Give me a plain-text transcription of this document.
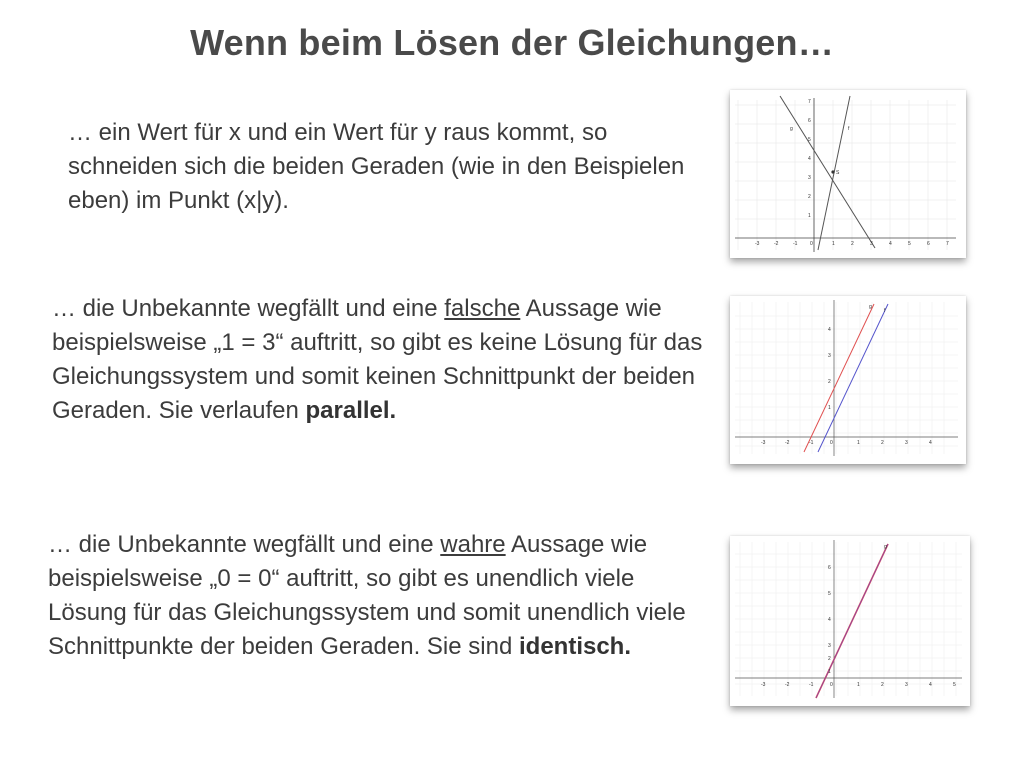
Wenn beim Lösen der Gleichungen…
… ein Wert für x und ein Wert für y raus kommt, so schneiden sich die beiden Geraden (wie in den Beispielen eben) im Punkt (x|y).
… die Unbekannte wegfällt und eine falsche Aussage wie beispielsweise „1 = 3“ auftritt, so gibt es keine Lösung für das Gleichungssystem und somit keinen Schnittpunkt der beiden Geraden. Sie verlaufen parallel.
… die Unbekannte wegfällt und eine wahre Aussage wie beispielsweise „0 = 0“ auftritt, so gibt es unendlich viele Lösung für das Gleichungssystem und somit unendlich viele Schnittpunkte der beiden Geraden. Sie sind identisch.
S
g	f
-3	-2	-1	0	1	2	3	4	5	6	7
7
6
5
4
3
2
1
g
f
-3	-2	-1	0	1	2	3	4
4
3
2
1
g
-3	-2	-1	0	1	2	3	4	5
6
5
4
3
2
1
